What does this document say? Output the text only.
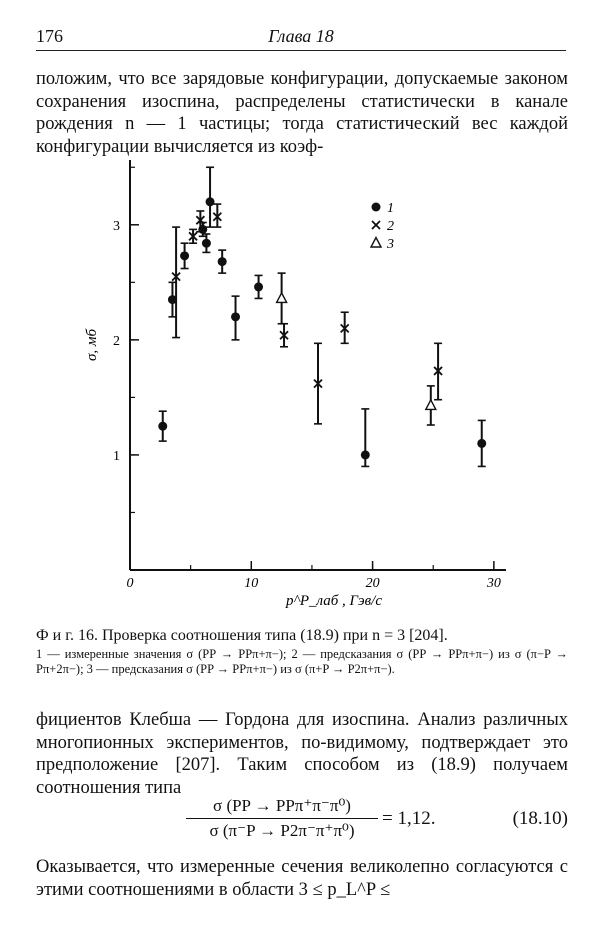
176	Глава 18
положим, что все зарядовые конфигурации, допускаемые законом сохранения изоспина, распределены статистически в канале рождения n — 1 частицы; тогда статистический вес каждой конфигурации вычисляется из коэф-
0	10	20	30
1
2
3
1
2
3
σ, мб
p^P_лаб , Гэв/c
Ф и г. 16. Проверка соотношения типа (18.9) при n = 3 [204].
1 — измеренные значения σ (PP → PPπ+π−); 2 — предсказания σ (PP → PPπ+π−) из σ (π−P → Pπ+2π−); 3 — предсказания σ (PP → PPπ+π−) из σ (π+P → P2π+π−).
фициентов Клебша — Гордона для изоспина. Анализ различных многопионных экспериментов, по-видимому, подтверждает это предположение [207]. Таким способом из (18.9) получаем соотношения типа
σ (PP → PPπ⁺π⁻π⁰)
σ (π⁻P → P2π⁻π⁺π⁰)
= 1,12.	(18.10)
Оказывается, что измеренные сечения великолепно согласуются с этими соотношениями в области 3 ≤ p_L^P ≤
